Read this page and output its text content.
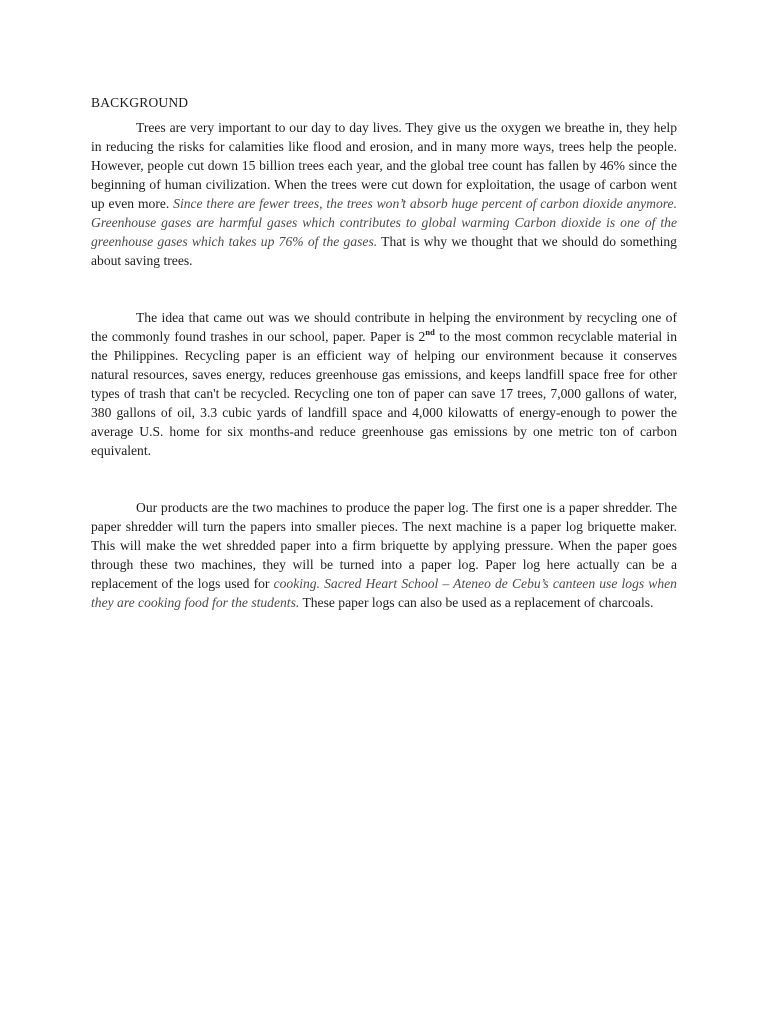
BACKGROUND

Trees are very important to our day to day lives. They give us the oxygen we breathe in, they help in reducing the risks for calamities like flood and erosion, and in many more ways, trees help the people. However, people cut down 15 billion trees each year, and the global tree count has fallen by 46% since the beginning of human civilization. When the trees were cut down for exploitation, the usage of carbon went up even more. Since there are fewer trees, the trees won’t absorb huge percent of carbon dioxide anymore. Greenhouse gases are harmful gases which contributes to global warming Carbon dioxide is one of the greenhouse gases which takes up 76% of the gases. That is why we thought that we should do something about saving trees.

The idea that came out was we should contribute in helping the environment by recycling one of the commonly found trashes in our school, paper. Paper is 2nd to the most common recyclable material in the Philippines. Recycling paper is an efficient way of helping our environment because it conserves natural resources, saves energy, reduces greenhouse gas emissions, and keeps landfill space free for other types of trash that can't be recycled. Recycling one ton of paper can save 17 trees, 7,000 gallons of water, 380 gallons of oil, 3.3 cubic yards of landfill space and 4,000 kilowatts of energy-enough to power the average U.S. home for six months-and reduce greenhouse gas emissions by one metric ton of carbon equivalent.

Our products are the two machines to produce the paper log. The first one is a paper shredder. The paper shredder will turn the papers into smaller pieces. The next machine is a paper log briquette maker. This will make the wet shredded paper into a firm briquette by applying pressure. When the paper goes through these two machines, they will be turned into a paper log. Paper log here actually can be a replacement of the logs used for cooking. Sacred Heart School – Ateneo de Cebu’s canteen use logs when they are cooking food for the students. These paper logs can also be used as a replacement of charcoals.
